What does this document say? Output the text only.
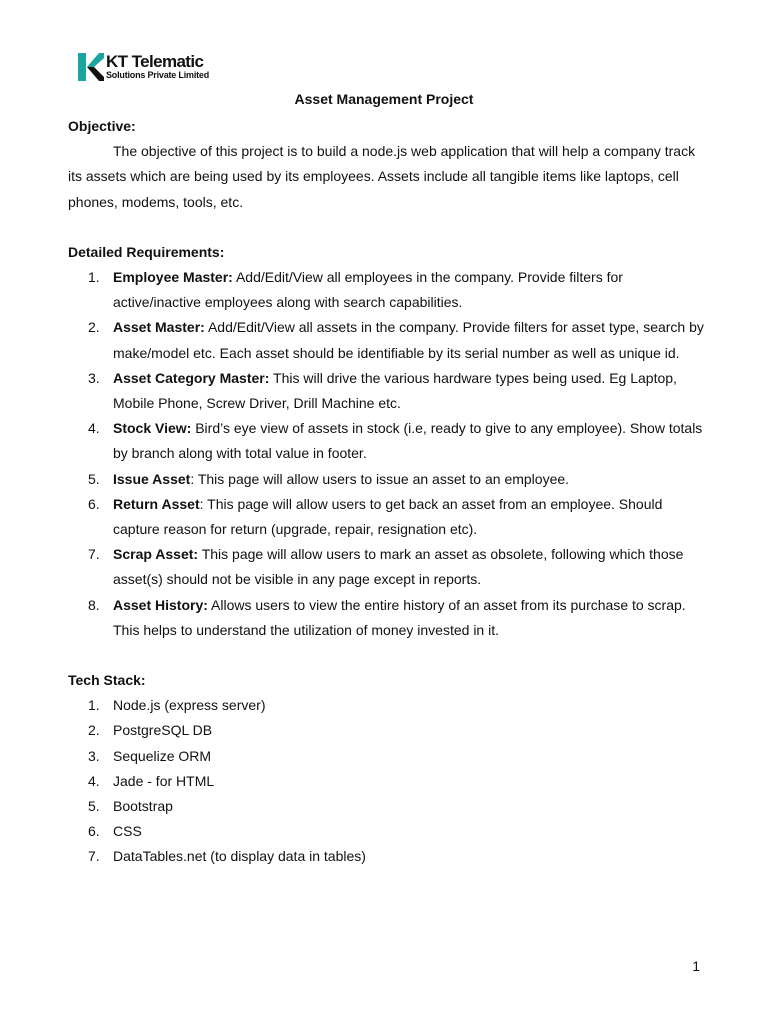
KT Telematic
Solutions Private Limited
Asset Management Project
Objective:
The objective of this project is to build a node.js web application that will help a company track its assets which are being used by its employees. Assets include all tangible items like laptops, cell phones, modems, tools, etc.
Detailed Requirements:
1. Employee Master: Add/Edit/View all employees in the company. Provide filters for active/inactive employees along with search capabilities.
2. Asset Master: Add/Edit/View all assets in the company. Provide filters for asset type, search by make/model etc. Each asset should be identifiable by its serial number as well as unique id.
3. Asset Category Master: This will drive the various hardware types being used. Eg Laptop, Mobile Phone, Screw Driver, Drill Machine etc.
4. Stock View: Bird’s eye view of assets in stock (i.e, ready to give to any employee). Show totals by branch along with total value in footer.
5. Issue Asset: This page will allow users to issue an asset to an employee.
6. Return Asset: This page will allow users to get back an asset from an employee. Should capture reason for return (upgrade, repair, resignation etc).
7. Scrap Asset: This page will allow users to mark an asset as obsolete, following which those asset(s) should not be visible in any page except in reports.
8. Asset History: Allows users to view the entire history of an asset from its purchase to scrap. This helps to understand the utilization of money invested in it.
Tech Stack:
1. Node.js (express server)
2. PostgreSQL DB
3. Sequelize ORM
4. Jade - for HTML
5. Bootstrap
6. CSS
7. DataTables.net (to display data in tables)
1
